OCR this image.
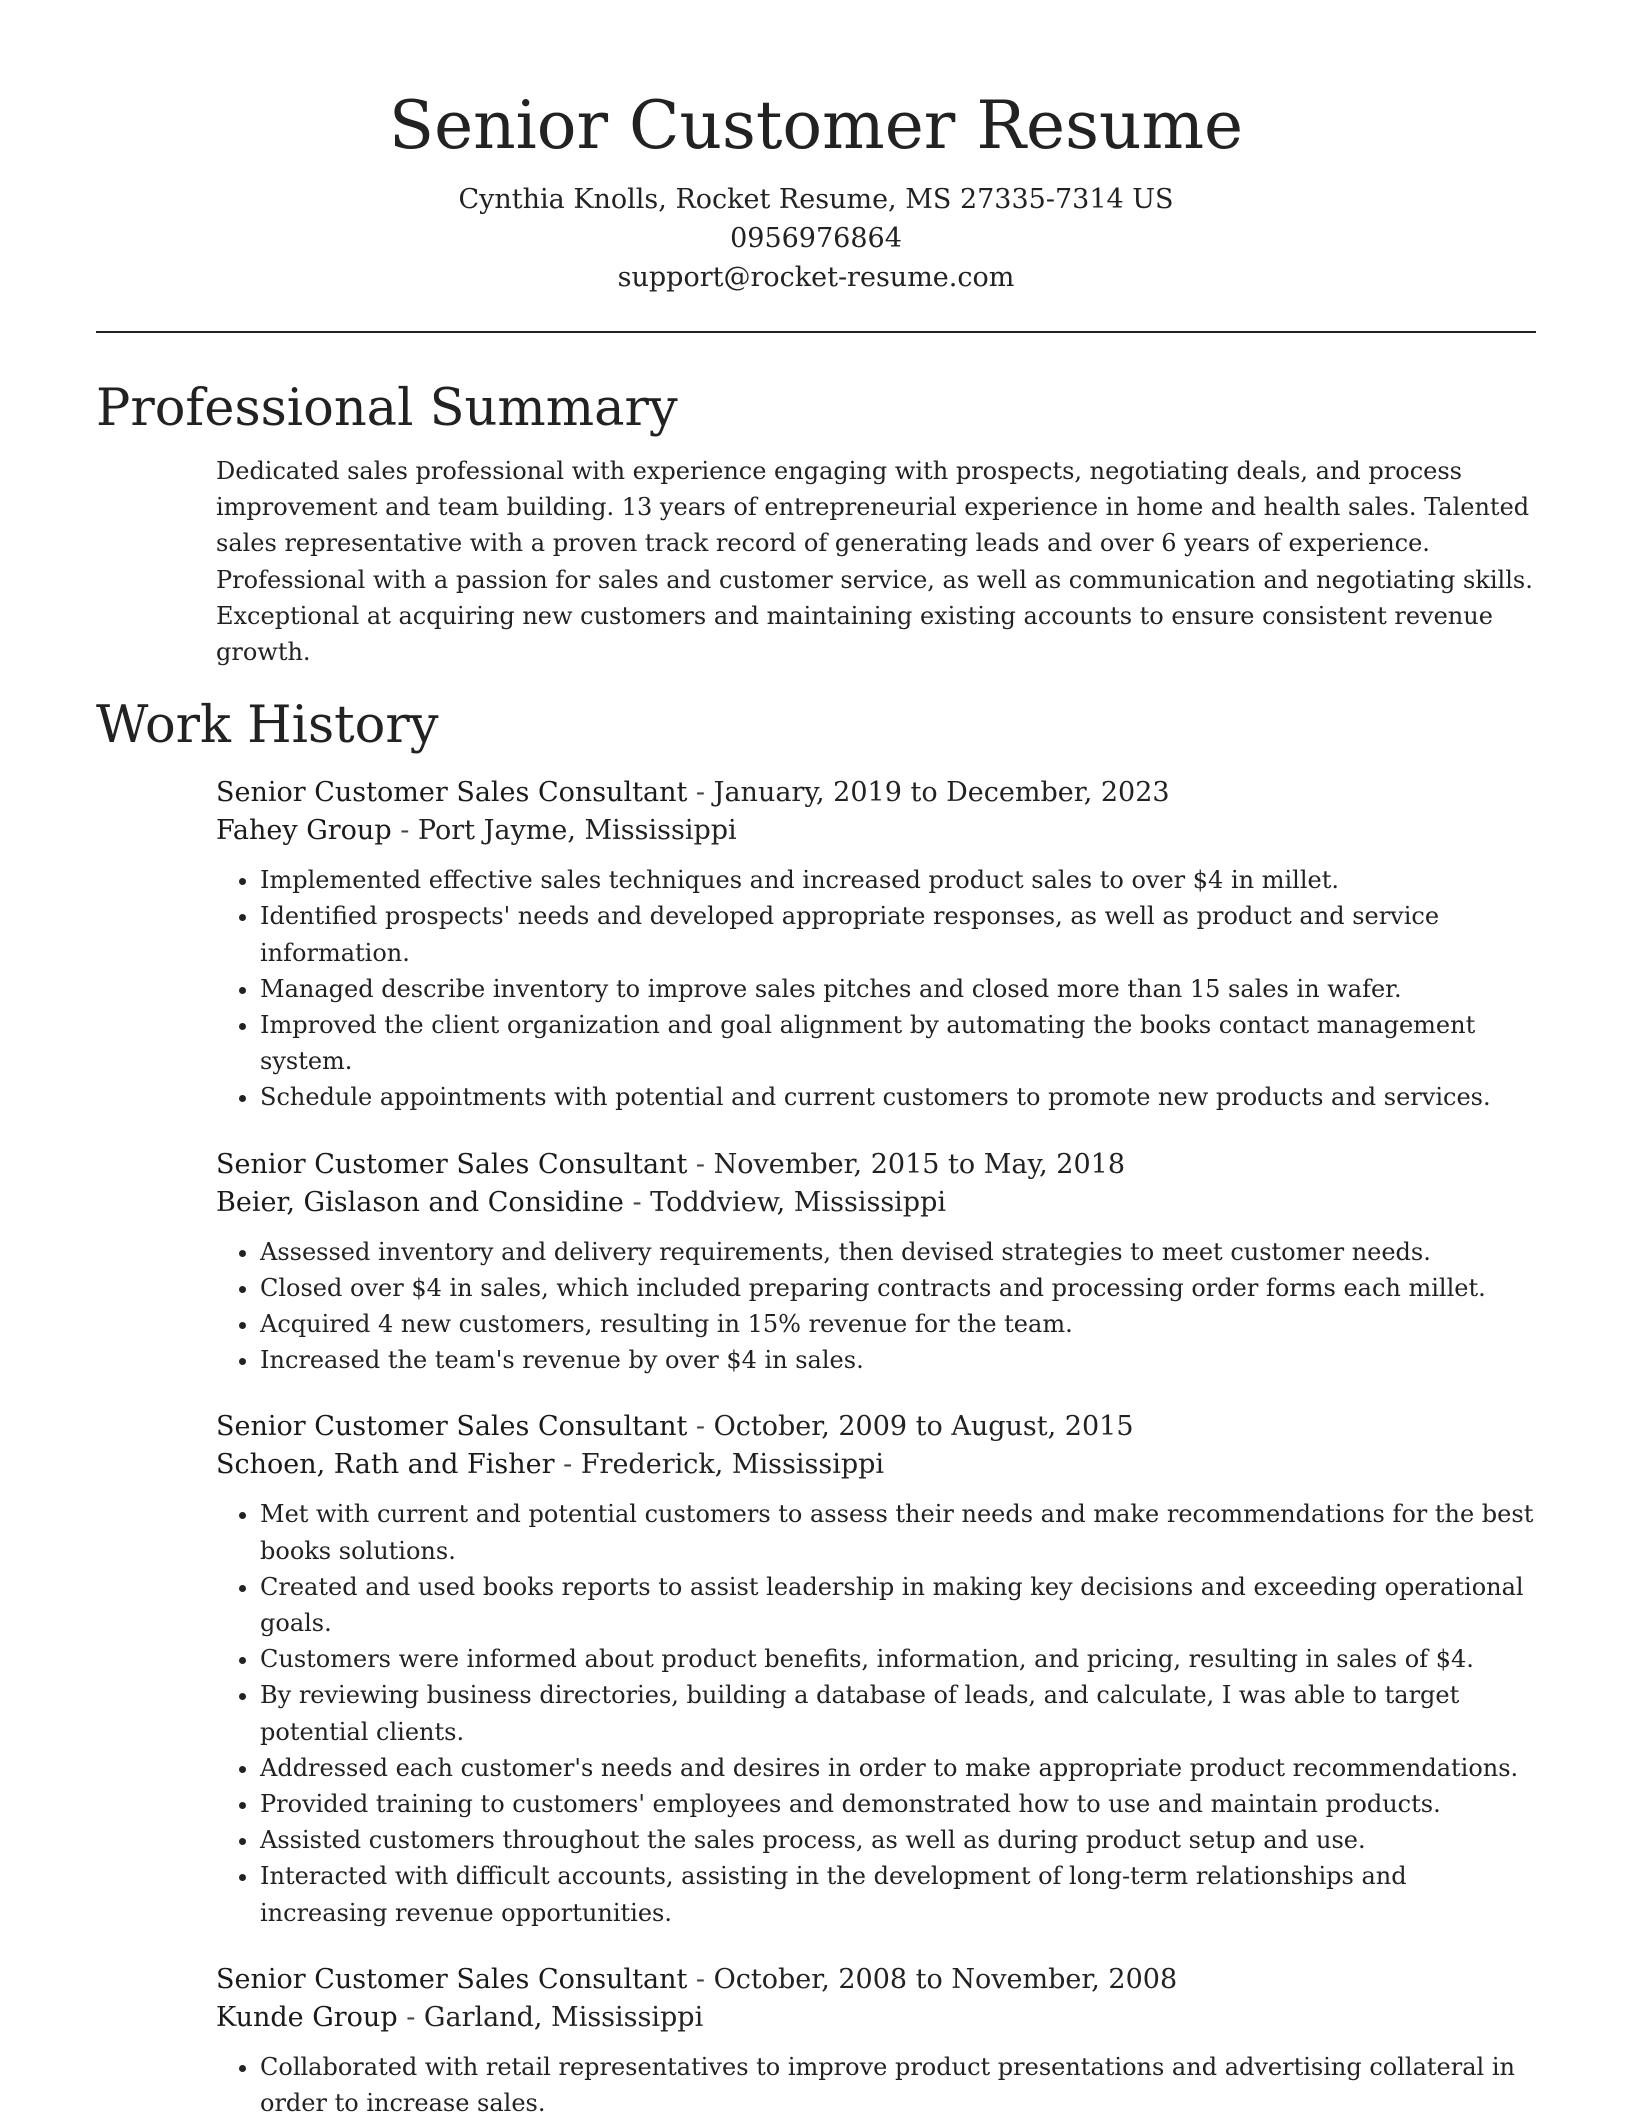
Senior Customer Resume
Cynthia Knolls, Rocket Resume, MS 27335-7314 US
0956976864
support@rocket-resume.com
Professional Summary

Dedicated sales professional with experience engaging with prospects, negotiating deals, and process improvement and team building. 13 years of entrepreneurial experience in home and health sales. Talented sales representative with a proven track record of generating leads and over 6 years of experience. Professional with a passion for sales and customer service, as well as communication and negotiating skills. Exceptional at acquiring new customers and maintaining existing accounts to ensure consistent revenue growth.

Work History
Senior Customer Sales Consultant - January, 2019 to December, 2023
Fahey Group - Port Jayme, Mississippi
• Implemented effective sales techniques and increased product sales to over $4 in millet.
• Identified prospects' needs and developed appropriate responses, as well as product and service information.
• Managed describe inventory to improve sales pitches and closed more than 15 sales in wafer.
• Improved the client organization and goal alignment by automating the books contact management system.
• Schedule appointments with potential and current customers to promote new products and services.
Senior Customer Sales Consultant - November, 2015 to May, 2018
Beier, Gislason and Considine - Toddview, Mississippi
• Assessed inventory and delivery requirements, then devised strategies to meet customer needs.
• Closed over $4 in sales, which included preparing contracts and processing order forms each millet.
• Acquired 4 new customers, resulting in 15% revenue for the team.
• Increased the team's revenue by over $4 in sales.
Senior Customer Sales Consultant - October, 2009 to August, 2015
Schoen, Rath and Fisher - Frederick, Mississippi
• Met with current and potential customers to assess their needs and make recommendations for the best books solutions.
• Created and used books reports to assist leadership in making key decisions and exceeding operational goals.
• Customers were informed about product benefits, information, and pricing, resulting in sales of $4.
• By reviewing business directories, building a database of leads, and calculate, I was able to target potential clients.
• Addressed each customer's needs and desires in order to make appropriate product recommendations.
• Provided training to customers' employees and demonstrated how to use and maintain products.
• Assisted customers throughout the sales process, as well as during product setup and use.
• Interacted with difficult accounts, assisting in the development of long-term relationships and increasing revenue opportunities.
Senior Customer Sales Consultant - October, 2008 to November, 2008
Kunde Group - Garland, Mississippi
• Collaborated with retail representatives to improve product presentations and advertising collateral in order to increase sales.
